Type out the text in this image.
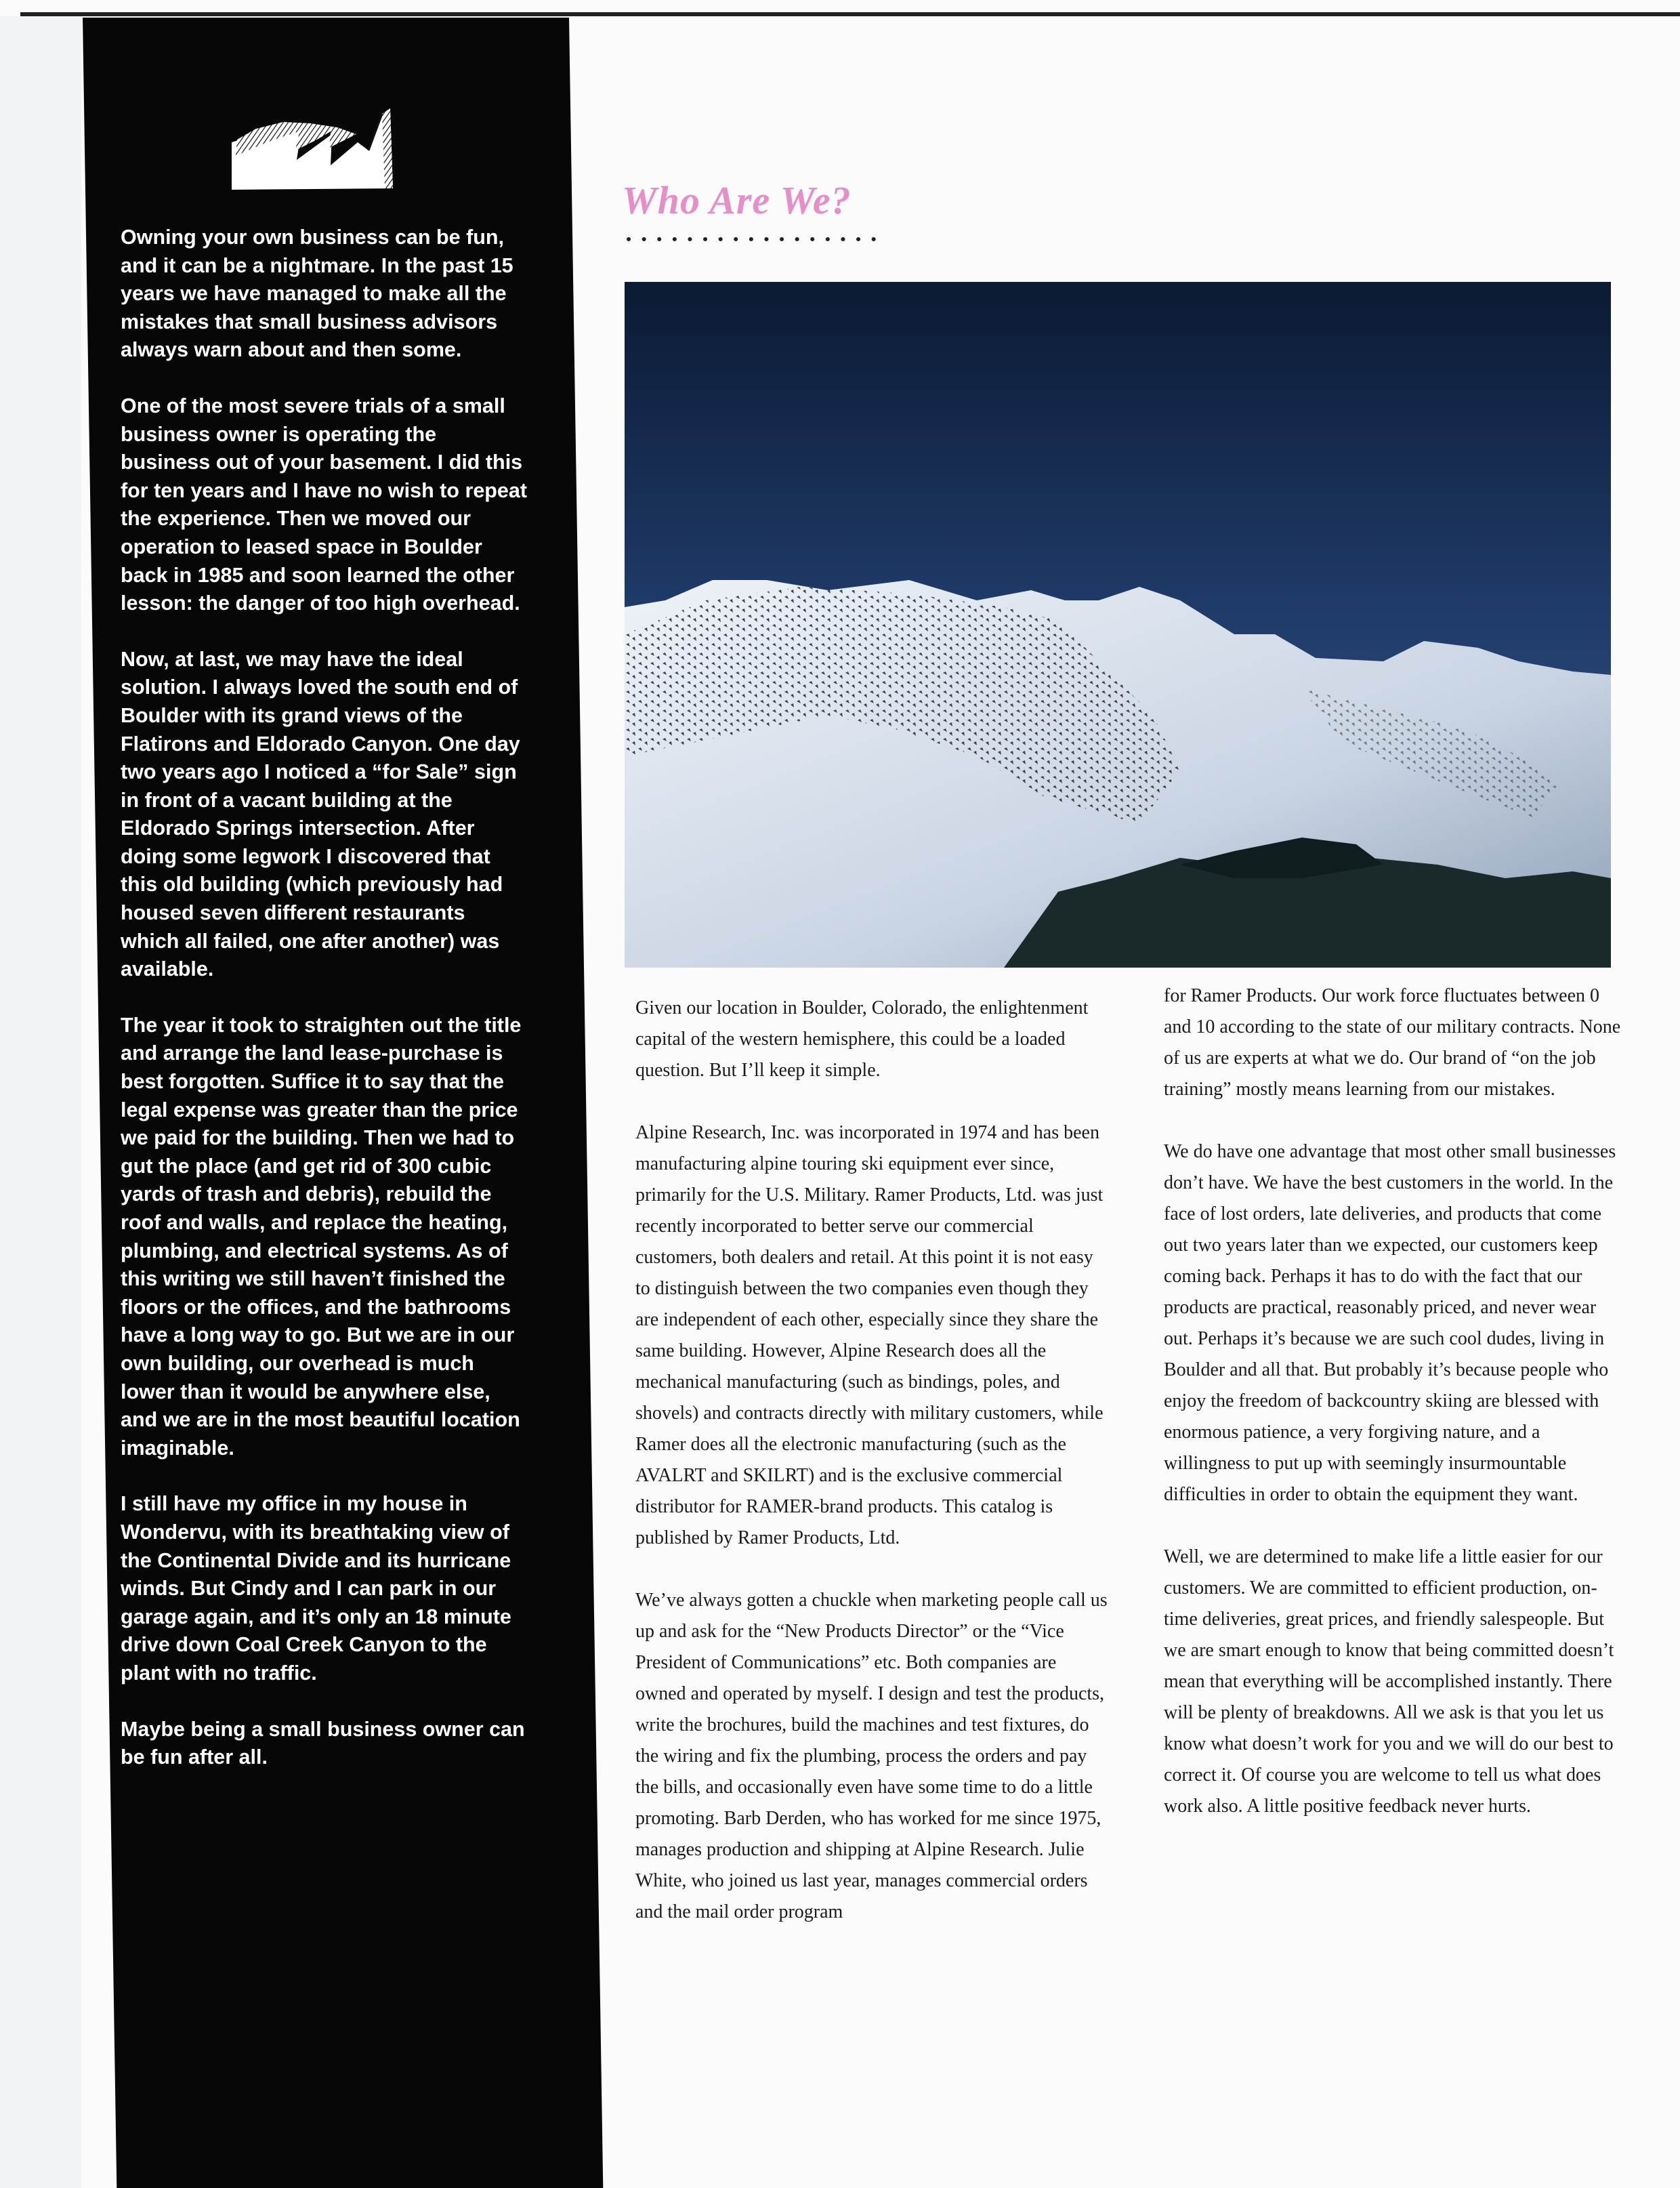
Owning your own business can be fun, and it can be a nightmare. In the past 15 years we have managed to make all the mistakes that small business advisors always warn about and then some.

One of the most severe trials of a small business owner is operating the business out of your basement. I did this for ten years and I have no wish to repeat the experience. Then we moved our operation to leased space in Boulder back in 1985 and soon learned the other lesson: the danger of too high overhead.

Now, at last, we may have the ideal solution. I always loved the south end of Boulder with its grand views of the Flatirons and Eldorado Canyon. One day two years ago I noticed a “for Sale” sign in front of a vacant building at the Eldorado Springs intersection. After doing some legwork I discovered that this old building (which previously had housed seven different restaurants which all failed, one after another) was available.

The year it took to straighten out the title and arrange the land lease-purchase is best forgotten. Suffice it to say that the legal expense was greater than the price we paid for the building. Then we had to gut the place (and get rid of 300 cubic yards of trash and debris), rebuild the roof and walls, and replace the heating, plumbing, and electrical systems. As of this writing we still haven’t finished the floors or the offices, and the bathrooms have a long way to go. But we are in our own building, our overhead is much lower than it would be anywhere else, and we are in the most beautiful location imaginable.

I still have my office in my house in Wondervu, with its breathtaking view of the Continental Divide and its hurricane winds. But Cindy and I can park in our garage again, and it’s only an 18 minute drive down Coal Creek Canyon to the plant with no traffic.

Maybe being a small business owner can be fun after all.

Who Are We?

Given our location in Boulder, Colorado, the enlightenment capital of the western hemisphere, this could be a loaded question. But I’ll keep it simple.

Alpine Research, Inc. was incorporated in 1974 and has been manufacturing alpine touring ski equipment ever since, primarily for the U.S. Military. Ramer Products, Ltd. was just recently incorporated to better serve our commercial customers, both dealers and retail. At this point it is not easy to distinguish between the two companies even though they are independent of each other, especially since they share the same building. However, Alpine Research does all the mechanical manufacturing (such as bindings, poles, and shovels) and contracts directly with military customers, while Ramer does all the electronic manufacturing (such as the AVALRT and SKILRT) and is the exclusive commercial distributor for RAMER-brand products. This catalog is published by Ramer Products, Ltd.

We’ve always gotten a chuckle when marketing people call us up and ask for the “New Products Director” or the “Vice President of Communications” etc. Both companies are owned and operated by myself. I design and test the products, write the brochures, build the machines and test fixtures, do the wiring and fix the plumbing, process the orders and pay the bills, and occasionally even have some time to do a little promoting. Barb Derden, who has worked for me since 1975, manages production and shipping at Alpine Research. Julie White, who joined us last year, manages commercial orders and the mail order program

for Ramer Products. Our work force fluctuates between 0 and 10 according to the state of our military contracts. None of us are experts at what we do. Our brand of “on the job training” mostly means learning from our mistakes.

We do have one advantage that most other small businesses don’t have. We have the best customers in the world. In the face of lost orders, late deliveries, and products that come out two years later than we expected, our customers keep coming back. Perhaps it has to do with the fact that our products are practical, reasonably priced, and never wear out. Perhaps it’s because we are such cool dudes, living in Boulder and all that. But probably it’s because people who enjoy the freedom of backcountry skiing are blessed with enormous patience, a very forgiving nature, and a willingness to put up with seemingly insurmountable difficulties in order to obtain the equipment they want.

Well, we are determined to make life a little easier for our customers. We are committed to efficient production, on-time deliveries, great prices, and friendly salespeople. But we are smart enough to know that being committed doesn’t mean that everything will be accomplished instantly. There will be plenty of breakdowns. All we ask is that you let us know what doesn’t work for you and we will do our best to correct it. Of course you are welcome to tell us what does work also. A little positive feedback never hurts.
